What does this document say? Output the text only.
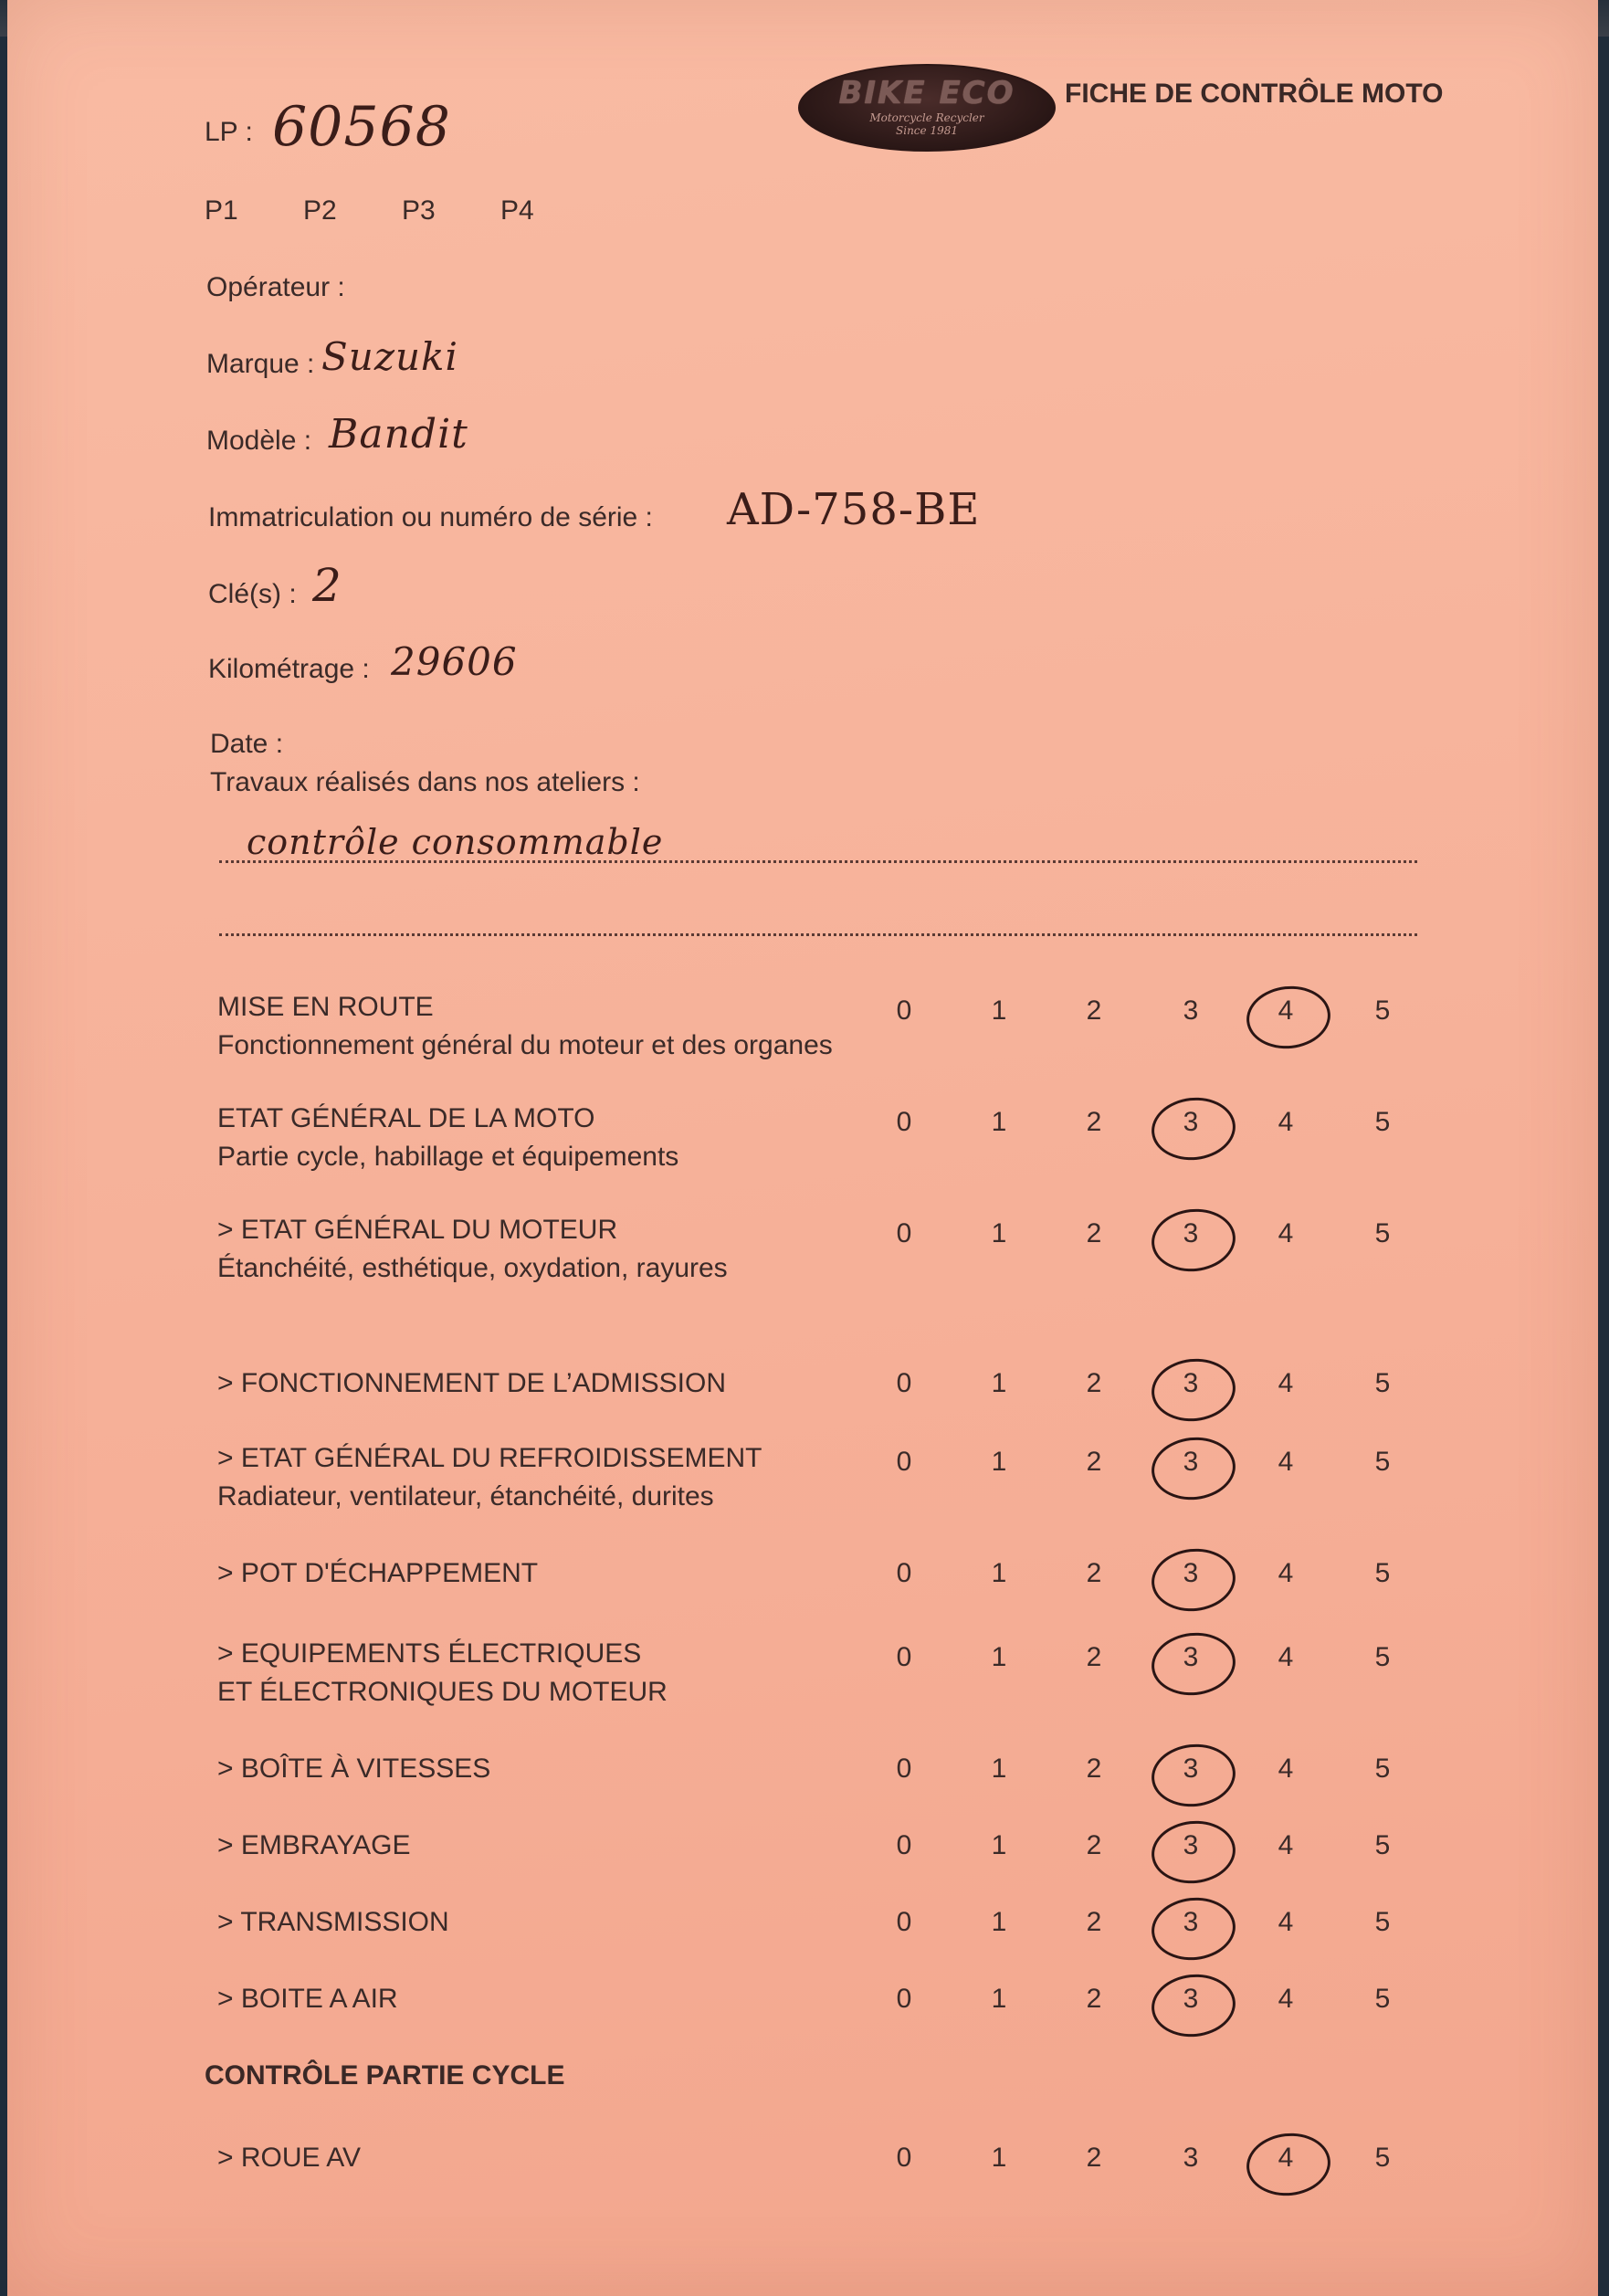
BIKE ECO
Motorcycle Recycler
Since 1981
FICHE DE CONTRÔLE MOTO
LP : 60568
P1 P2 P3 P4
Opérateur :
Marque : Suzuki
Modèle : Bandit
Immatriculation ou numéro de série : AD-758-BE
Clé(s) : 2
Kilométrage : 29606
Date :
Travaux réalisés dans nos ateliers :
contrôle consommable
MISE EN ROUTE
Fonctionnement général du moteur et des organes
0	1	2	3	4	5
ETAT GÉNÉRAL DE LA MOTO
Partie cycle, habillage et équipements
0	1	2	3	4	5
> ETAT GÉNÉRAL DU MOTEUR
Étanchéité, esthétique, oxydation, rayures
0	1	2	3	4	5
> FONCTIONNEMENT DE L’ADMISSION	0	1	2	3	4	5
> ETAT GÉNÉRAL DU REFROIDISSEMENT
Radiateur, ventilateur, étanchéité, durites
0	1	2	3	4	5
> POT D'ÉCHAPPEMENT	0	1	2	3	4	5
> EQUIPEMENTS ÉLECTRIQUES
ET ÉLECTRONIQUES DU MOTEUR
0	1	2	3	4	5
> BOÎTE À VITESSES	0	1	2	3	4	5
> EMBRAYAGE	0	1	2	3	4	5
> TRANSMISSION	0	1	2	3	4	5
> BOITE A AIR	0	1	2	3	4	5
CONTRÔLE PARTIE CYCLE
> ROUE AV	0	1	2	3	4	5
